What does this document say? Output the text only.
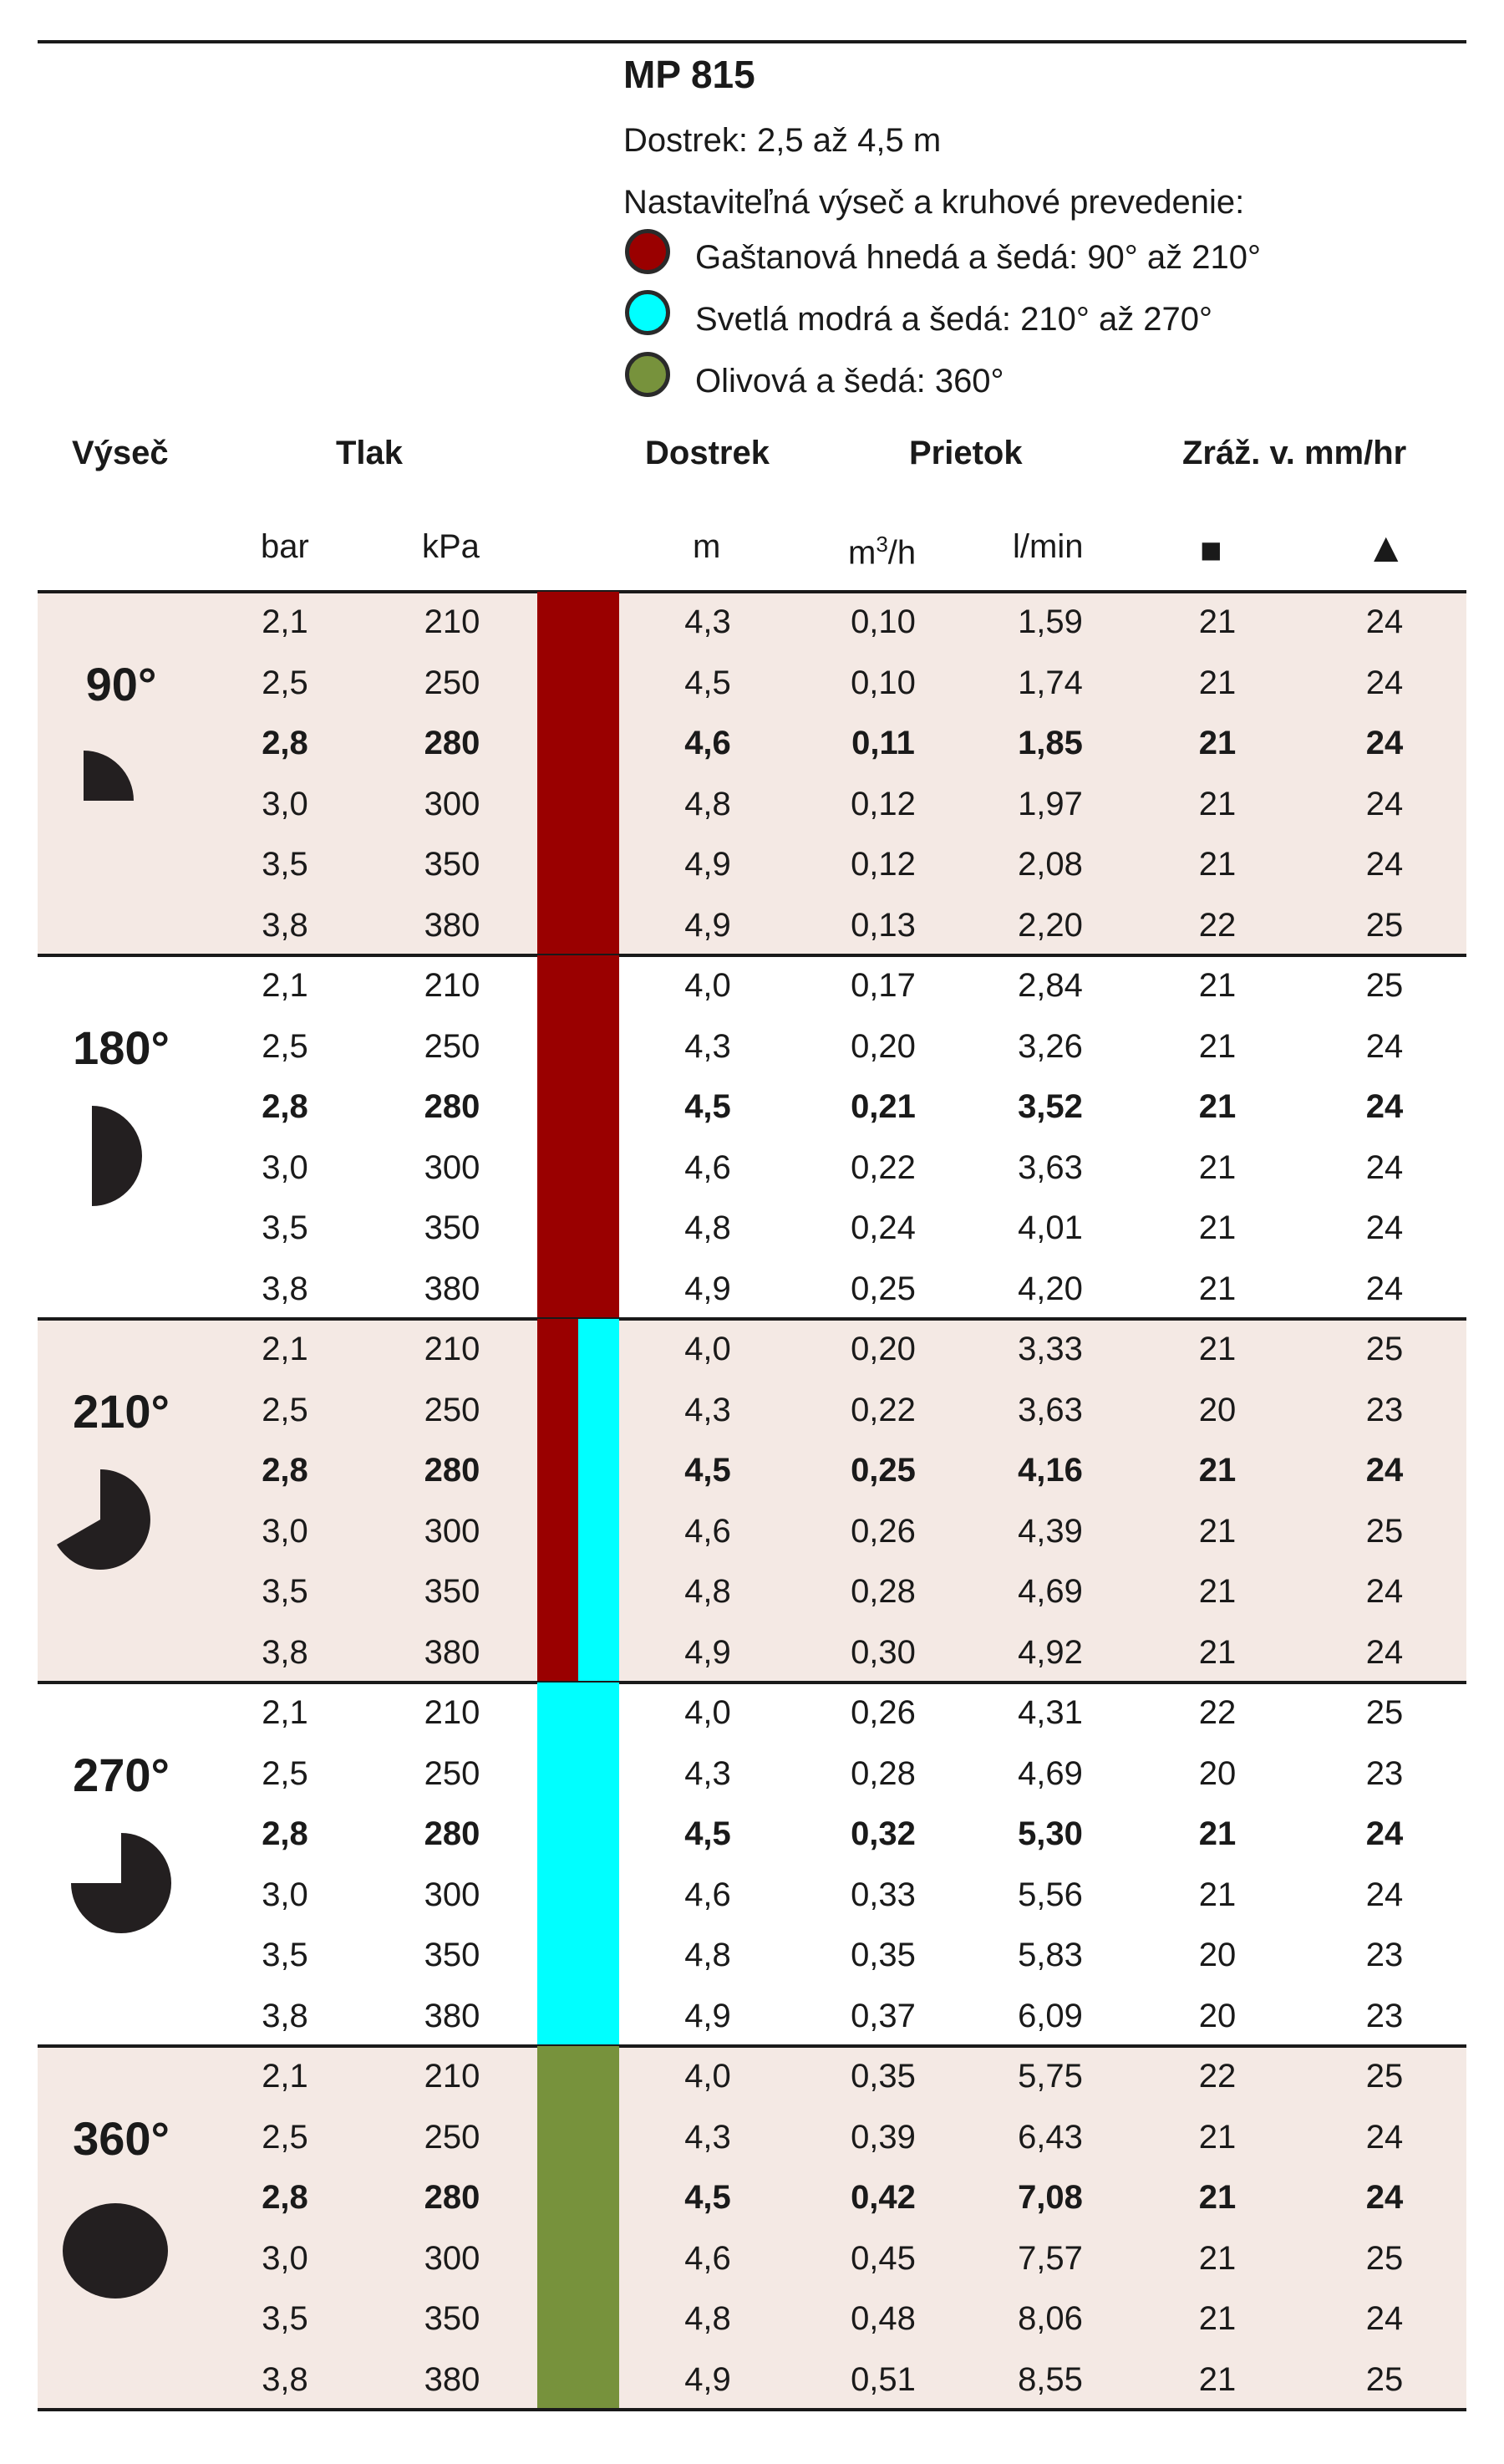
MP 815
Dostrek: 2,5 až 4,5 m
Nastaviteľná výseč a kruhové prevedenie:
Gaštanová hnedá a šedá: 90° až 210°
Svetlá modrá a šedá: 210° až 270°
Olivová a šedá: 360°
Výseč	Tlak	Dostrek	Prietok	Zráž. v. mm/hr
bar	kPa	m	$m^3/h$	l/min	■	▲
90°
2,1	210	4,3	0,10	1,59	21	24
2,5	250	4,5	0,10	1,74	21	24
2,8	280	4,6	0,11	1,85	21	24
3,0	300	4,8	0,12	1,97	21	24
3,5	350	4,9	0,12	2,08	21	24
3,8	380	4,9	0,13	2,20	22	25
180°
2,1	210	4,0	0,17	2,84	21	25
2,5	250	4,3	0,20	3,26	21	24
2,8	280	4,5	0,21	3,52	21	24
3,0	300	4,6	0,22	3,63	21	24
3,5	350	4,8	0,24	4,01	21	24
3,8	380	4,9	0,25	4,20	21	24
210°
2,1	210	4,0	0,20	3,33	21	25
2,5	250	4,3	0,22	3,63	20	23
2,8	280	4,5	0,25	4,16	21	24
3,0	300	4,6	0,26	4,39	21	25
3,5	350	4,8	0,28	4,69	21	24
3,8	380	4,9	0,30	4,92	21	24
270°
2,1	210	4,0	0,26	4,31	22	25
2,5	250	4,3	0,28	4,69	20	23
2,8	280	4,5	0,32	5,30	21	24
3,0	300	4,6	0,33	5,56	21	24
3,5	350	4,8	0,35	5,83	20	23
3,8	380	4,9	0,37	6,09	20	23
360°
2,1	210	4,0	0,35	5,75	22	25
2,5	250	4,3	0,39	6,43	21	24
2,8	280	4,5	0,42	7,08	21	24
3,0	300	4,6	0,45	7,57	21	25
3,5	350	4,8	0,48	8,06	21	24
3,8	380	4,9	0,51	8,55	21	25
